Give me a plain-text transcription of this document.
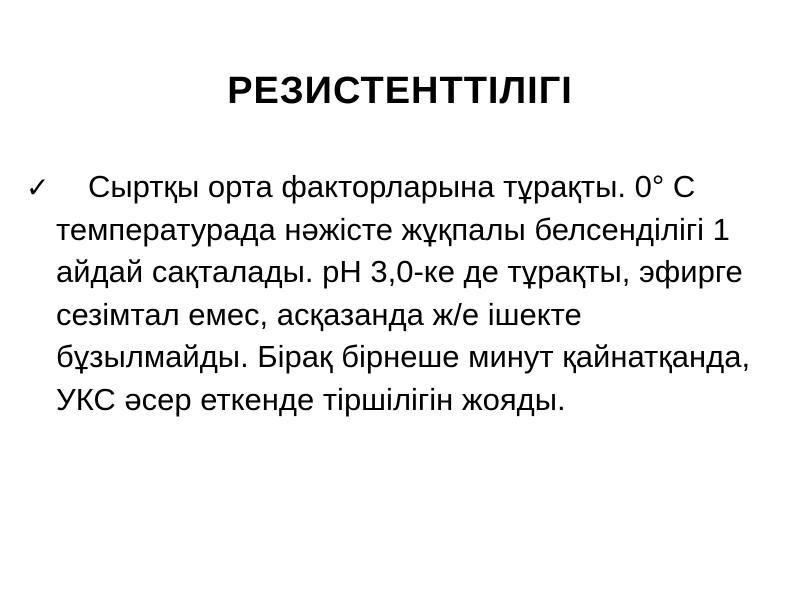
РЕЗИСТЕНТТІЛІГІ
✓	Сыртқы орта факторларына тұрақты. 0° С температурада нәжісте жұқпалы белсенділігі 1 айдай сақталады. рН 3,0-ке де тұрақты, эфирге сезімтал емес, асқазанда ж/е ішекте бұзылмайды. Бірақ бірнеше минут қайнатқанда, УКС әсер еткенде тіршілігін жояды.
